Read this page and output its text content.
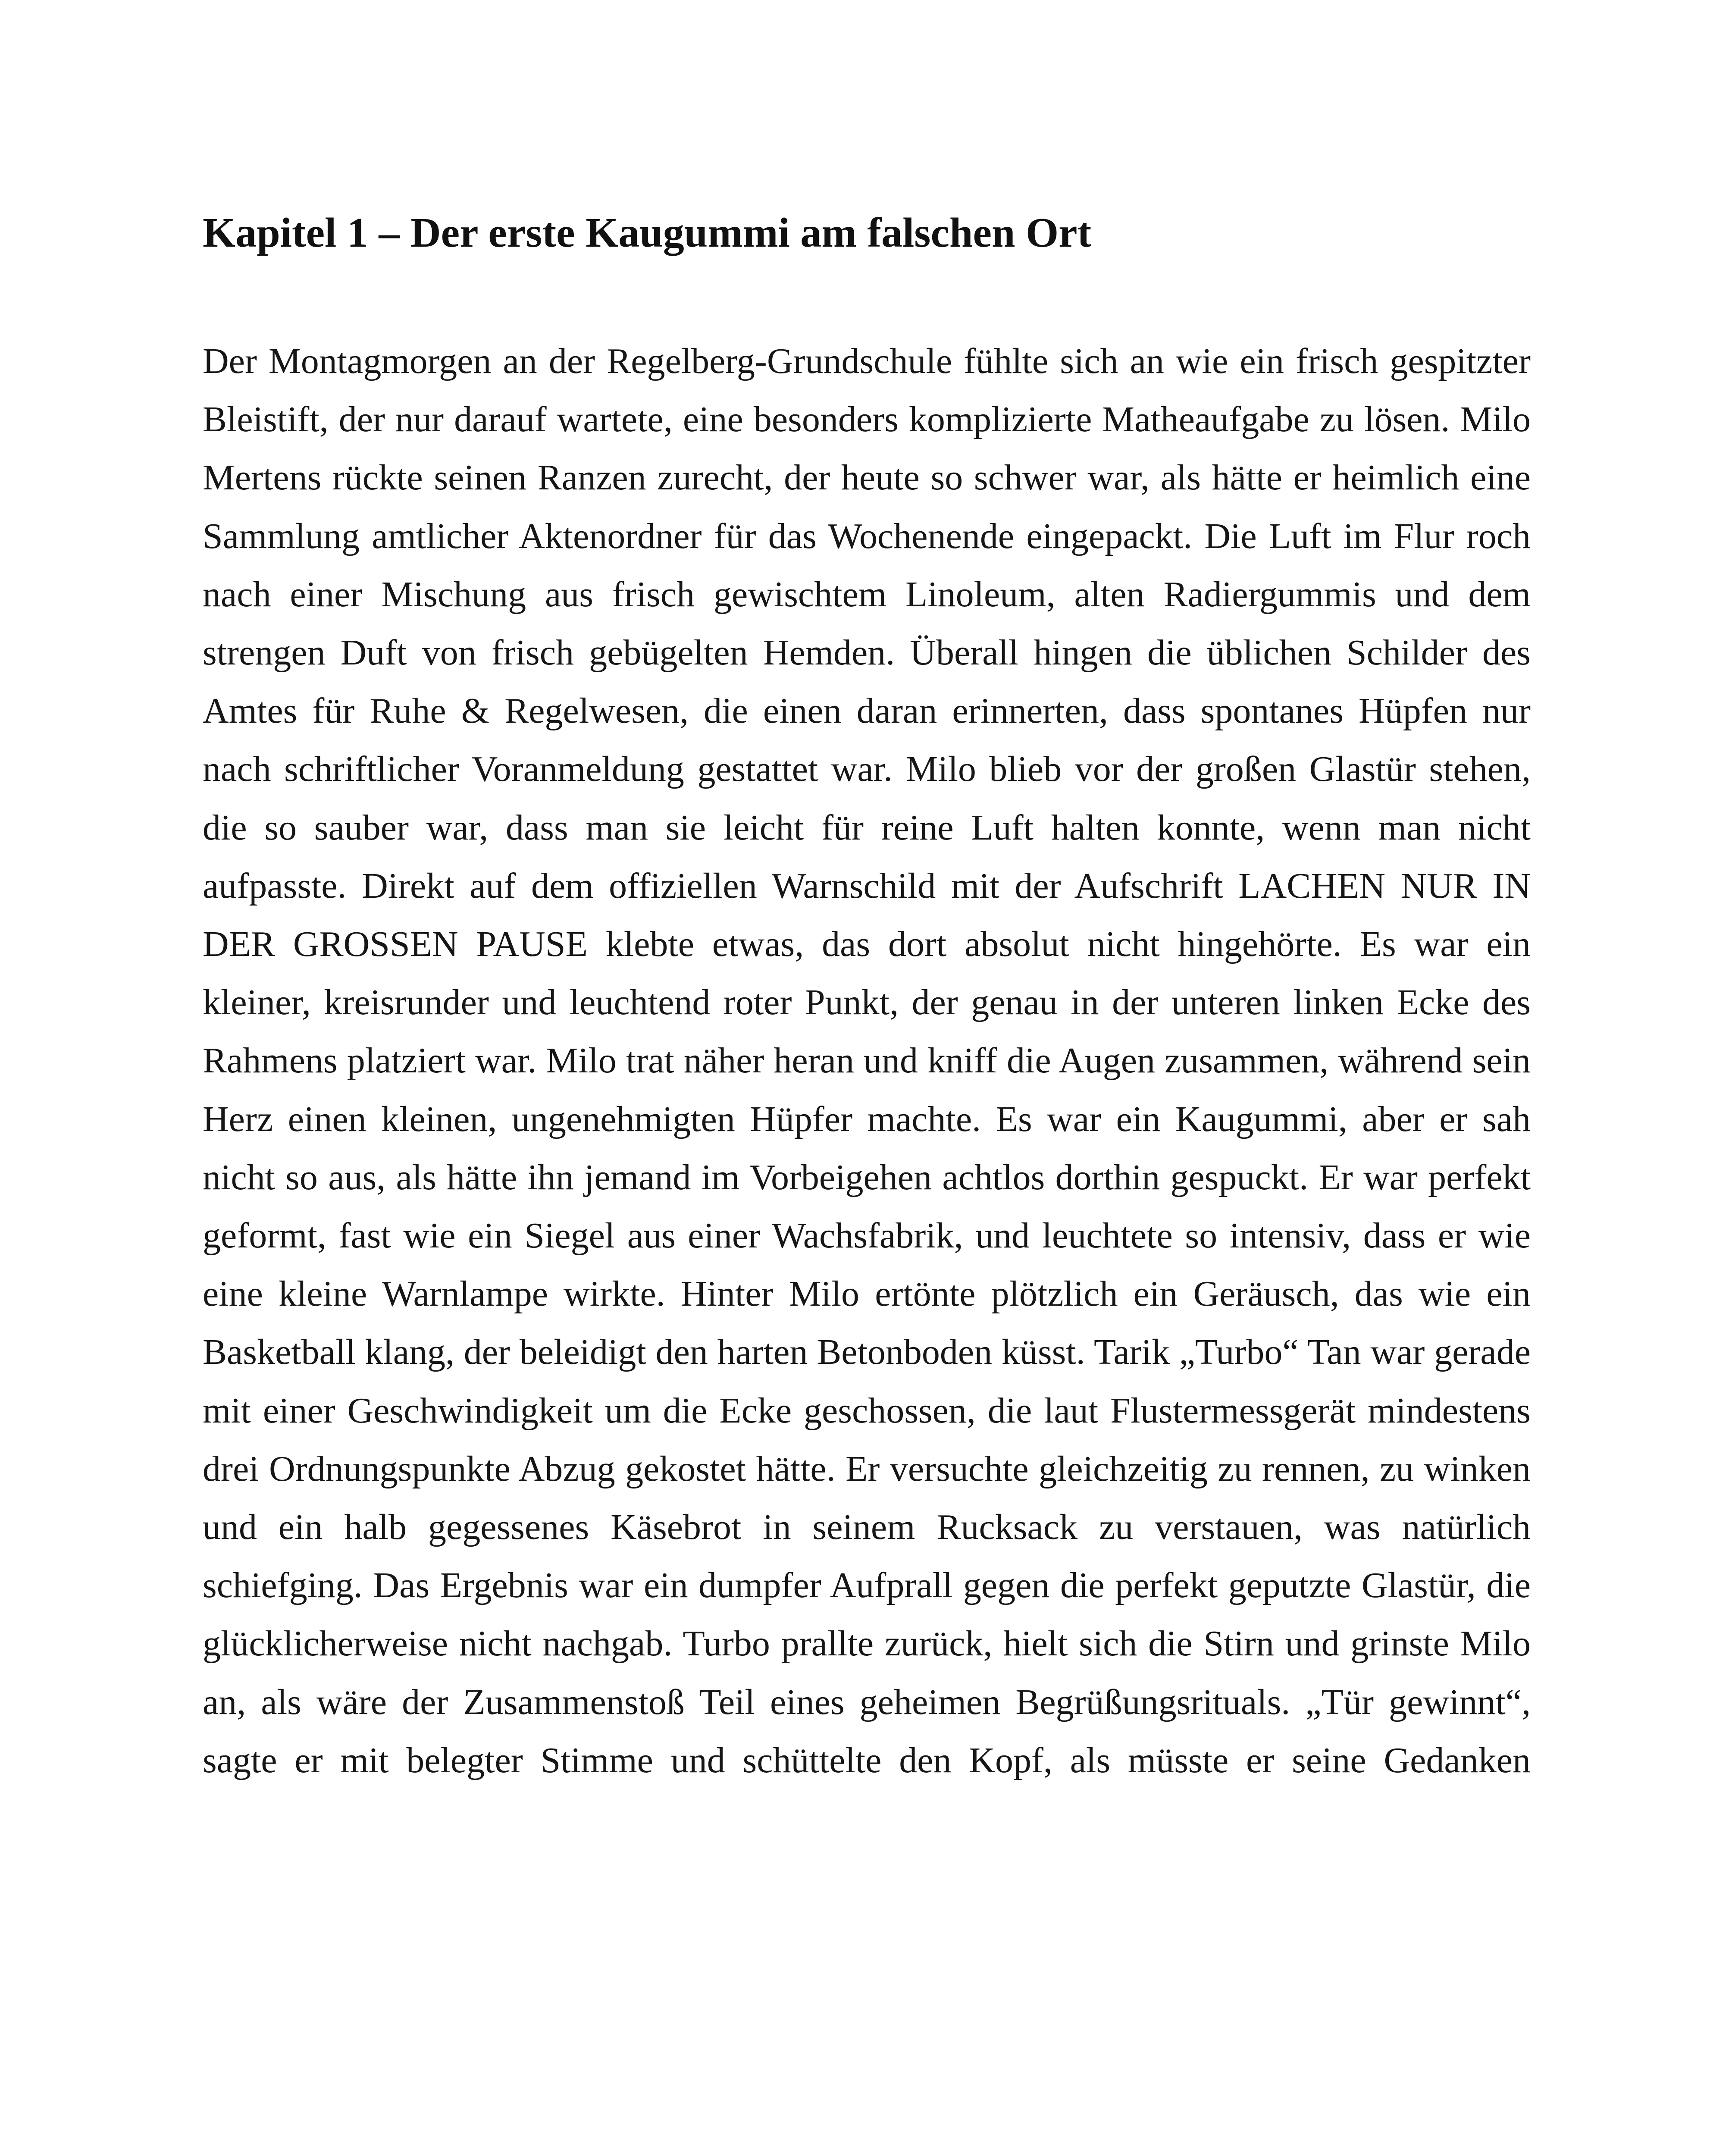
Kapitel 1 – Der erste Kaugummi am falschen Ort

Der Montagmorgen an der Regelberg-Grundschule fühlte sich an wie ein frisch gespitzter Bleistift, der nur darauf wartete, eine besonders komplizierte Matheaufgabe zu lösen. Milo Mertens rückte seinen Ranzen zurecht, der heute so schwer war, als hätte er heimlich eine Sammlung amtlicher Aktenordner für das Wochenende eingepackt. Die Luft im Flur roch nach einer Mischung aus frisch gewischtem Linoleum, alten Radiergummis und dem strengen Duft von frisch gebügelten Hemden. Überall hingen die üblichen Schilder des Amtes für Ruhe & Regelwesen, die einen daran erinnerten, dass spontanes Hüpfen nur nach schriftlicher Voranmeldung gestattet war. Milo blieb vor der großen Glastür stehen, die so sauber war, dass man sie leicht für reine Luft halten konnte, wenn man nicht aufpasste. Direkt auf dem offiziellen Warnschild mit der Aufschrift LACHEN NUR IN DER GROSSEN PAUSE klebte etwas, das dort absolut nicht hingehörte. Es war ein kleiner, kreisrunder und leuchtend roter Punkt, der genau in der unteren linken Ecke des Rahmens platziert war. Milo trat näher heran und kniff die Augen zusammen, während sein Herz einen kleinen, ungenehmigten Hüpfer machte. Es war ein Kaugummi, aber er sah nicht so aus, als hätte ihn jemand im Vorbeigehen achtlos dorthin gespuckt. Er war perfekt geformt, fast wie ein Siegel aus einer Wachsfabrik, und leuchtete so intensiv, dass er wie eine kleine Warnlampe wirkte. Hinter Milo ertönte plötzlich ein Geräusch, das wie ein Basketball klang, der beleidigt den harten Betonboden küsst. Tarik „Turbo“ Tan war gerade mit einer Geschwindigkeit um die Ecke geschossen, die laut Flustermessgerät mindestens drei Ordnungspunkte Abzug gekostet hätte. Er versuchte gleichzeitig zu rennen, zu winken und ein halb gegessenes Käsebrot in seinem Rucksack zu verstauen, was natürlich schiefging. Das Ergebnis war ein dumpfer Aufprall gegen die perfekt geputzte Glastür, die glücklicherweise nicht nachgab. Turbo prallte zurück, hielt sich die Stirn und grinste Milo an, als wäre der Zusammenstoß Teil eines geheimen Begrüßungsrituals. „Tür gewinnt“, sagte er mit belegter Stimme und schüttelte den Kopf, als müsste er seine Gedanken
